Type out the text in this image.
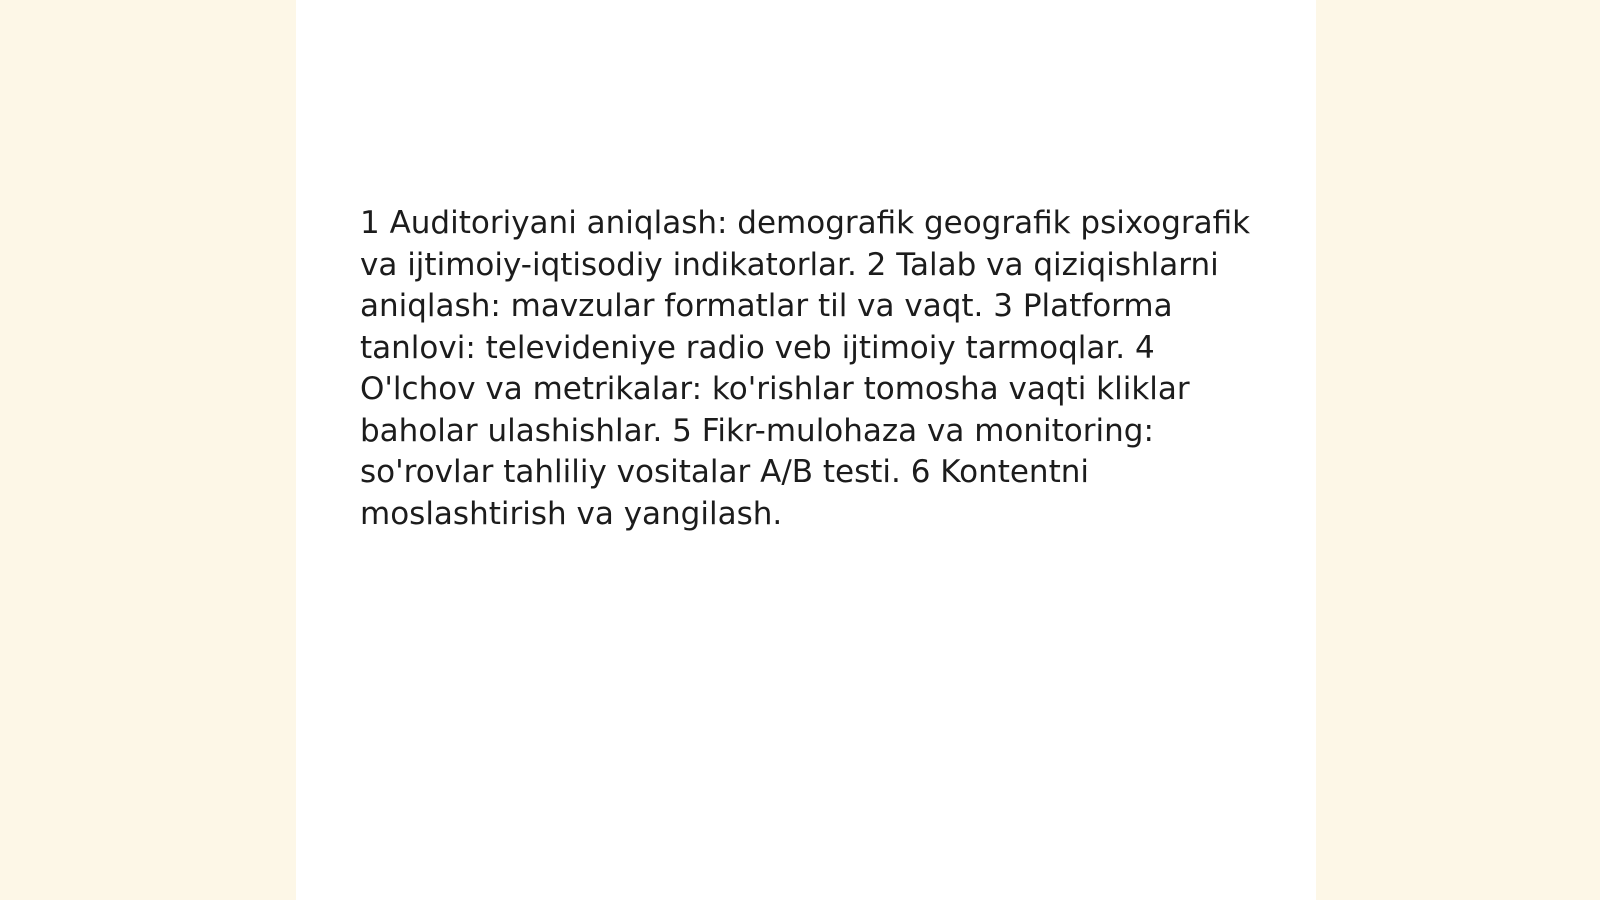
1 Auditoriyani aniqlash: demografik geografik psixografik va ijtimoiy-iqtisodiy indikatorlar. 2 Talab va qiziqishlarni aniqlash: mavzular formatlar til va vaqt. 3 Platforma tanlovi: televideniye radio veb ijtimoiy tarmoqlar. 4 O'lchov va metrikalar: ko'rishlar tomosha vaqti kliklar baholar ulashishlar. 5 Fikr-mulohaza va monitoring: so'rovlar tahliliy vositalar A/B testi. 6 Kontentni moslashtirish va yangilash.
